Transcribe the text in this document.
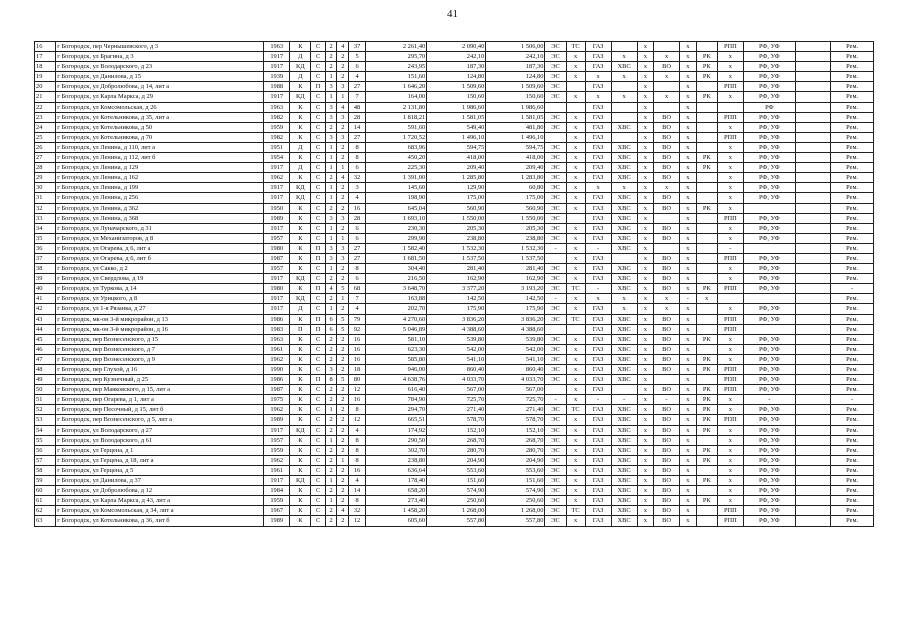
41
16	г Богородск, пер Чернышевского, д 3	1963	К	С	2	4	37	2 261,40	2 090,40	1 506,00	ЭС	ТС	ГАЗ		х		х		РПП	РФ, УФ		Рем.
17	г Богородск, ул Брагина, д 3	1917	Д	С	2	2	5	295,70	242,10	242,10	ЭС	х	ГАЗ	х	х	х	х	РК	х	РФ, УФ		Рем.
18	г Богородск, ул Володарского, д 23	1917	КД	С	2	2	6	243,95	187,30	187,30	ЭС	х	ГАЗ	ХВС	х	ВО	х	РК	х	РФ, УФ		Рем.
19	г Богородск, ул Данилова, д 15	1939	Д	С	1	2	4	151,60	124,80	124,80	ЭС	х	х	х	х	х	х	РК	х	РФ, УФ		Рем.
20	г Богородск, ул Добролюбова, д 14, лит а	1988	К	П	3	3	27	1 646,20	1 509,60	1 509,60	ЭС		ГАЗ		х		х		РПП	РФ, УФ		Рем.
21	г Богородск, ул Карла Маркса, д 29	1917	КД	С	1	1	7	164,00	150,60	150,60	ЭС	х	х	х	х	х	х	РК	х	РФ, УФ		Рем.
22	г Богородск, ул Комсомольская, д 26	1963	К	С	3	4	48	2 131,80	1 986,60	1 986,60			ГАЗ		х		х			РФ		Рем.
23	г Богородск, ул Котельникова, д 35, лит а	1982	К	С	3	3	28	1 818,21	1 581,05	1 581,05	ЭС	х	ГАЗ		х	ВО	х		РПП	РФ, УФ		Рем.
24	г Богородск, ул Котельникова, д 50	1959	К	С	2	2	14	591,60	549,40	481,80	ЭС	х	ГАЗ	ХВС	х	ВО	х		х	РФ, УФ		Рем.
25	г Богородск, ул Котельникова, д 70	1982	К	С	3	3	27	1 720,52	1 496,10	1 496,10		х	ГАЗ		х	ВО	х		РПП	РФ, УФ		Рем.
26	г Богородск, ул Ленина, д 110, лит а	1951	Д	С	1	2	8	683,96	594,75	594,75	ЭС	х	ГАЗ	ХВС	х	ВО	х		х	РФ, УФ		Рем.
27	г Богородск, ул Ленина, д 112, лит б	1954	К	С	1	2	8	450,20	418,00	418,00	ЭС	х	ГАЗ	ХВС	х	ВО	х	РК	х	РФ, УФ		Рем.
28	г Богородск, ул Ленина, д 129	1917	Д	С	1	1	6	225,30	209,40	209,40	ЭС	х	ГАЗ	ХВС	х	ВО	х	РК	х	РФ, УФ		Рем.
29	г Богородск, ул Ленина, д 162	1962	К	С	2	4	32	1 391,00	1 285,80	1 283,80	ЭС	х	ГАЗ	ХВС	х	ВО	х		х	РФ, УФ		Рем.
30	г Богородск, ул Ленина, д 199	1917	КД	С	1	2	3	145,60	129,90	60,80	ЭС	х	х	х	х	х	х		х	РФ, УФ		Рем.
31	г Богородск, ул Ленина, д 256	1917	КД	С	1	2	4	198,90	175,00	175,00	ЭС	х	ГАЗ	ХВС	х	ВО	х		х	РФ, УФ		Рем.
32	г Богородск, ул Ленина, д 362	1950	К	С	2	2	16	645,04	560,90	560,90	ЭС	х	ГАЗ	ХВС	х	ВО	х	РК	х			Рем.
33	г Богородск, ул Ленина, д 368	1989	К	С	3	3	28	1 693,10	1 550,00	1 550,00	ЭС		ГАЗ	ХВС	х		х		РПП	РФ, УФ		Рем.
34	г Богородск, ул Луначарского, д 31	1917	К	С	1	2	6	230,30	205,30	205,30	ЭС	х	ГАЗ	ХВС	х	ВО	х		х	РФ, УФ		Рем.
35	г Богородск, ул Механизаторов, д 8	1957	К	С	1	1	6	299,90	238,80	238,80	ЭС	х	ГАЗ	ХВС	х	ВО	х		х	РФ, УФ		Рем.
36	г Богородск, ул Огарева, д 6, лит а	1980	К	П	3	3	27	1 582,40	1 532,30	1 532,30	-	х	-	ХВС	х		х		-			Рем.
37	г Богородск, ул Огарева, д 6, лит б	1987	К	П	3	3	27	1 681,50	1 537,50	1 537,50		х	ГАЗ		х	ВО	х		РПП	РФ, УФ		Рем.
38	г Богородск, ул Сакко, д 2	1957	К	С	1	2	8	304,40	281,40	281,40	ЭС	х	ГАЗ	ХВС	х	ВО	х		х	РФ, УФ		Рем.
39	г Богородск, ул Свердлова, д 19	1917	КД	С	2	2	6	216,50	162,90	162,90	ЭС	х	ГАЗ	ХВС	х	ВО	х		х	РФ, УФ		Рем.
40	г Богородск, ул Туркова, д 14	1980	К	П	4	5	68	3 648,70	3 377,20	3 193,20	ЭС	ТС	-	ХВС	х	ВО	х	РК	РПП	РФ, УФ		-
41	г Богородск, ул Урицкого, д 8	1917	КД	С	2	1	7	163,88	142,50	142,50	-	х	х	х	х	х	-	х				Рем.
42	г Богородск, ул 1-я Рязанка, д 27	1917	Д	С	1	2	4	202,70	175,90	175,90	ЭС	х	ГАЗ	х	х	х	х		х	РФ, УФ		Рем.
43	г Богородск, мк-он 3-й микрорайон, д 13	1986	К	П	6	5	79	4 270,60	3 836,20	3 836,20	ЭС	ТС	ГАЗ	ХВС	х	ВО	х		РПП	РФ, УФ		Рем.
44	г Богородск, мк-он 3-й микрорайон, д 16	1983	П	П	6	5	92	5 046,89	4 388,60	4 388,60			ГАЗ	ХВС	х	ВО	х		РПП			Рем.
45	г Богородск, пер Вознесенского, д 15	1963	К	С	2	2	16	581,10	539,80	539,80	ЭС	х	ГАЗ	ХВС	х	ВО	х	РК	х	РФ, УФ		Рем.
46	г Богородск, пер Вознесенского, д 7	1961	К	С	2	2	16	623,30	542,00	542,00	ЭС	х	ГАЗ	ХВС	х	ВО	х		х	РФ, УФ		Рем.
47	г Богородск, пер Вознесенского, д 9	1962	К	С	2	2	16	585,80	541,10	541,10	ЭС	х	ГАЗ	ХВС	х	ВО	х	РК	х	РФ, УФ		Рем.
48	г Богородск, пер Глухой, д 16	1990	К	С	3	2	18	946,00	860,40	860,40	ЭС	х	ГАЗ	ХВС	х	ВО	х	РК	РПП	РФ, УФ		Рем.
49	г Богородск, пер Кузнечный, д 25	1986	К	П	8	5	80	4 638,76	4 033,70	4 033,70	ЭС	х	ГАЗ	ХВС	х		х		РПП	РФ, УФ		Рем.
50	г Богородск, пер Маяковского, д 15, лит а	1987	К	С	2	2	12	616,40	567,00	567,00		х	ГАЗ		х	ВО	х	РК	РПП	РФ, УФ		Рем.
51	г Богородск, пер Огарева, д 1, лит а	1975	К	С	2	2	16	784,90	725,70	725,70	-	х	-	-	х	-	х	РК	х	-		-
52	г Богородск, пер Песочный, д 15, лит б	1962	К	С	1	2	8	294,70	271,40	271,40	ЭС	ТС	ГАЗ	ХВС	х	ВО	х	РК	х	РФ, УФ		Рем.
53	г Богородск, пер Вознесенского, д 5, лит а	1989	К	С	2	2	12	665,51	578,70	578,70	ЭС	х	ГАЗ	ХВС	х	ВО	х	РК	РПП	РФ, УФ		Рем.
54	г Богородск, ул Володарского, д 27	1917	КД	С	2	2	4	174,92	152,10	152,10	ЭС	х	ГАЗ	ХВС	х	ВО	х	РК	х	РФ, УФ		Рем.
55	г Богородск, ул Володарского, д 61	1957	К	С	1	2	8	290,50	268,70	268,70	ЭС	х	ГАЗ	ХВС	х	ВО	х		х	РФ, УФ		Рем.
56	г Богородск, ул Герцена, д 1	1959	К	С	2	2	8	302,70	280,70	280,70	ЭС	х	ГАЗ	ХВС	х	ВО	х	РК	х	РФ, УФ		Рем.
57	г Богородск, ул Герцена, д 18, лит а	1962	К	С	2	1	8	238,80	204,90	204,90	ЭС	х	ГАЗ	ХВС	х	ВО	х	РК	х	РФ, УФ		Рем.
58	г Богородск, ул Герцена, д 5	1961	К	С	2	2	16	636,64	553,60	553,60	ЭС	х	ГАЗ	ХВС	х	ВО	х		х	РФ, УФ		Рем.
59	г Богородск, ул Данилова, д 37	1917	КД	С	1	2	4	178,40	151,60	151,60	ЭС	х	ГАЗ	ХВС	х	ВО	х	РК	х	РФ, УФ		Рем.
60	г Богородск, ул Добролюбова, д 12	1984	К	С	2	2	14	658,20	574,90	574,90	ЭС	х	ГАЗ	ХВС	х	ВО	х		х	РФ, УФ		Рем.
61	г Богородск, ул Карла Маркса, д 43, лит а	1959	К	С	1	2	8	273,40	250,60	250,60	ЭС	х	ГАЗ	ХВС	х	ВО	х	РК	х	РФ, УФ		Рем.
62	г Богородск, ул Комсомольская, д 34, лит а	1967	К	С	2	4	32	1 458,20	1 268,00	1 268,00	ЭС	ТС	ГАЗ	ХВС	х	ВО	х		РПП	РФ, УФ		Рем.
63	г Богородск, ул Котельникова, д 36, лит б	1989	К	С	2	2	12	605,60	557,80	557,80	ЭС	х	ГАЗ	ХВС	х	ВО	х		РПП	РФ, УФ		Рем.
